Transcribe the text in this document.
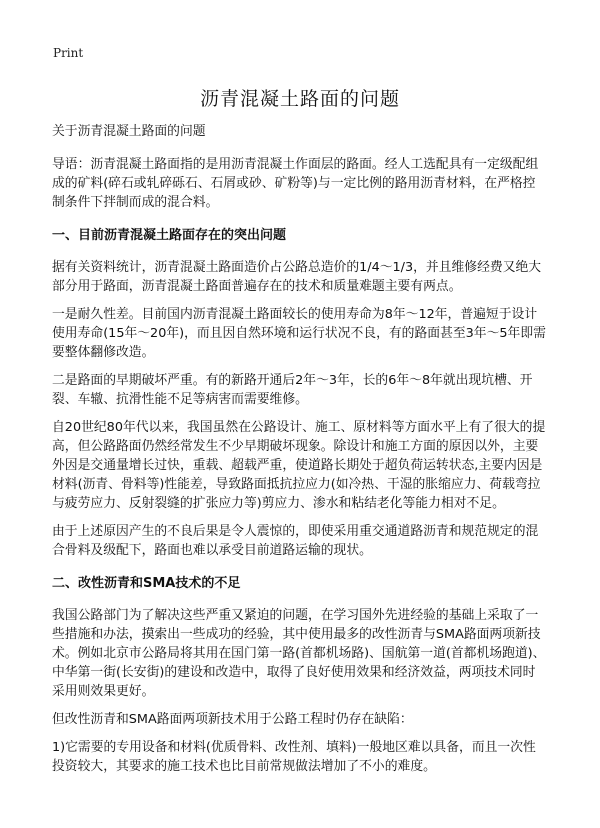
Print
沥青混凝土路面的问题

关于沥青混凝土路面的问题

导语：沥青混凝土路面指的是用沥青混凝土作面层的路面。经人工选配具有一定级配组成的矿料(碎石或轧碎砾石、石屑或砂、矿粉等)与一定比例的路用沥青材料，在严格控制条件下拌制而成的混合料。

一、目前沥青混凝土路面存在的突出问题

据有关资料统计，沥青混凝土路面造价占公路总造价的1/4～1/3，并且维修经费又绝大部分用于路面，沥青混凝土路面普遍存在的技术和质量难题主要有两点。

一是耐久性差。目前国内沥青混凝土路面较长的使用寿命为8年～12年，普遍短于设计使用寿命(15年～20年)，而且因自然环境和运行状况不良，有的路面甚至3年～5年即需要整体翻修改造。

二是路面的早期破坏严重。有的新路开通后2年～3年，长的6年～8年就出现坑槽、开裂、车辙、抗滑性能不足等病害而需要维修。

自20世纪80年代以来，我国虽然在公路设计、施工、原材料等方面水平上有了很大的提高，但公路路面仍然经常发生不少早期破坏现象。除设计和施工方面的原因以外，主要外因是交通量增长过快，重载、超载严重，使道路长期处于超负荷运转状态,主要内因是材料(沥青、骨料等)性能差，导致路面抵抗拉应力(如冷热、干湿的胀缩应力、荷载弯拉与疲劳应力、反射裂缝的扩张应力等)剪应力、渗水和粘结老化等能力相对不足。

由于上述原因产生的不良后果是令人震惊的，即使采用重交通道路沥青和规范规定的混合骨料及级配下，路面也难以承受目前道路运输的现状。

二、改性沥青和SMA技术的不足

我国公路部门为了解决这些严重又紧迫的问题，在学习国外先进经验的基础上采取了一些措施和办法，摸索出一些成功的经验，其中使用最多的改性沥青与SMA路面两项新技术。例如北京市公路局将其用在国门第一路(首都机场路)、国航第一道(首都机场跑道)、中华第一街(长安街)的建设和改造中，取得了良好使用效果和经济效益，两项技术同时采用则效果更好。

但改性沥青和SMA路面两项新技术用于公路工程时仍存在缺陷：

1)它需要的专用设备和材料(优质骨料、改性剂、填料)一般地区难以具备，而且一次性投资较大，其要求的施工技术也比目前常规做法增加了不小的难度。
